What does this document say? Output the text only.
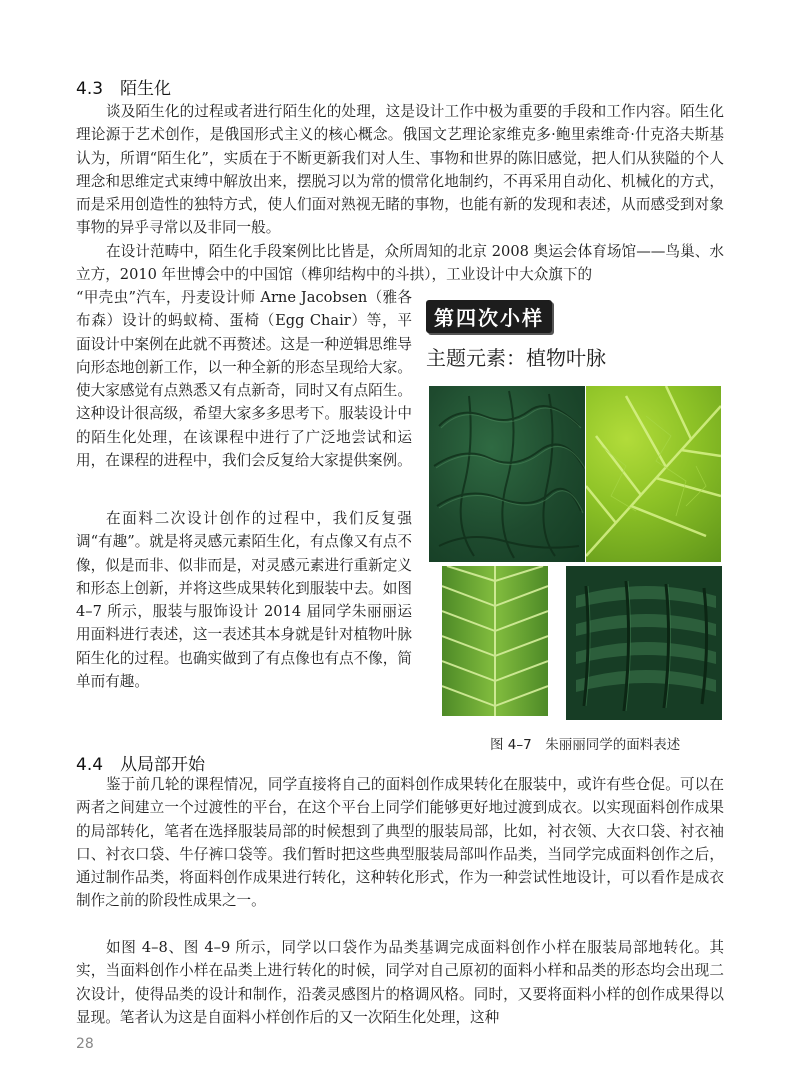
4.3　陌生化

谈及陌生化的过程或者进行陌生化的处理，这是设计工作中极为重要的手段和工作内容。陌生化理论源于艺术创作，是俄国形式主义的核心概念。俄国文艺理论家维克多·鲍里索维奇·什克洛夫斯基认为，所谓“陌生化”，实质在于不断更新我们对人生、事物和世界的陈旧感觉，把人们从狭隘的个人理念和思维定式束缚中解放出来，摆脱习以为常的惯常化地制约，不再采用自动化、机械化的方式，而是采用创造性的独特方式，使人们面对熟视无睹的事物，也能有新的发现和表述，从而感受到对象事物的异乎寻常以及非同一般。

在设计范畴中，陌生化手段案例比比皆是，众所周知的北京 2008 奥运会体育场馆——鸟巢、水立方，2010 年世博会中的中国馆（榫卯结构中的斗拱），工业设计中大众旗下的

“甲壳虫”汽车，丹麦设计师 Arne Jacobsen（雅各布森）设计的蚂蚁椅、蛋椅（Egg Chair）等，平面设计中案例在此就不再赘述。这是一种逆辑思维导向形态地创新工作，以一种全新的形态呈现给大家。使大家感觉有点熟悉又有点新奇，同时又有点陌生。这种设计很高级，希望大家多多思考下。服装设计中的陌生化处理，在该课程中进行了广泛地尝试和运用，在课程的进程中，我们会反复给大家提供案例。

在面料二次设计创作的过程中，我们反复强调“有趣”。就是将灵感元素陌生化，有点像又有点不像，似是而非、似非而是，对灵感元素进行重新定义和形态上创新，并将这些成果转化到服装中去。如图 4–7 所示，服装与服饰设计 2014 届同学朱丽丽运用面料进行表述，这一表述其本身就是针对植物叶脉陌生化的过程。也确实做到了有点像也有点不像，简单而有趣。

第四次小样
主题元素：植物叶脉
图 4–7　朱丽丽同学的面料表述
4.4　从局部开始

鉴于前几轮的课程情况，同学直接将自己的面料创作成果转化在服装中，或许有些仓促。可以在两者之间建立一个过渡性的平台，在这个平台上同学们能够更好地过渡到成衣。以实现面料创作成果的局部转化，笔者在选择服装局部的时候想到了典型的服装局部，比如，衬衣领、大衣口袋、衬衣袖口、衬衣口袋、牛仔裤口袋等。我们暂时把这些典型服装局部叫作品类，当同学完成面料创作之后，通过制作品类，将面料创作成果进行转化，这种转化形式，作为一种尝试性地设计，可以看作是成衣制作之前的阶段性成果之一。

如图 4–8、图 4–9 所示，同学以口袋作为品类基调完成面料创作小样在服装局部地转化。其实，当面料创作小样在品类上进行转化的时候，同学对自己原初的面料小样和品类的形态均会出现二次设计，使得品类的设计和制作，沿袭灵感图片的格调风格。同时，又要将面料小样的创作成果得以显现。笔者认为这是自面料小样创作后的又一次陌生化处理，这种

28
